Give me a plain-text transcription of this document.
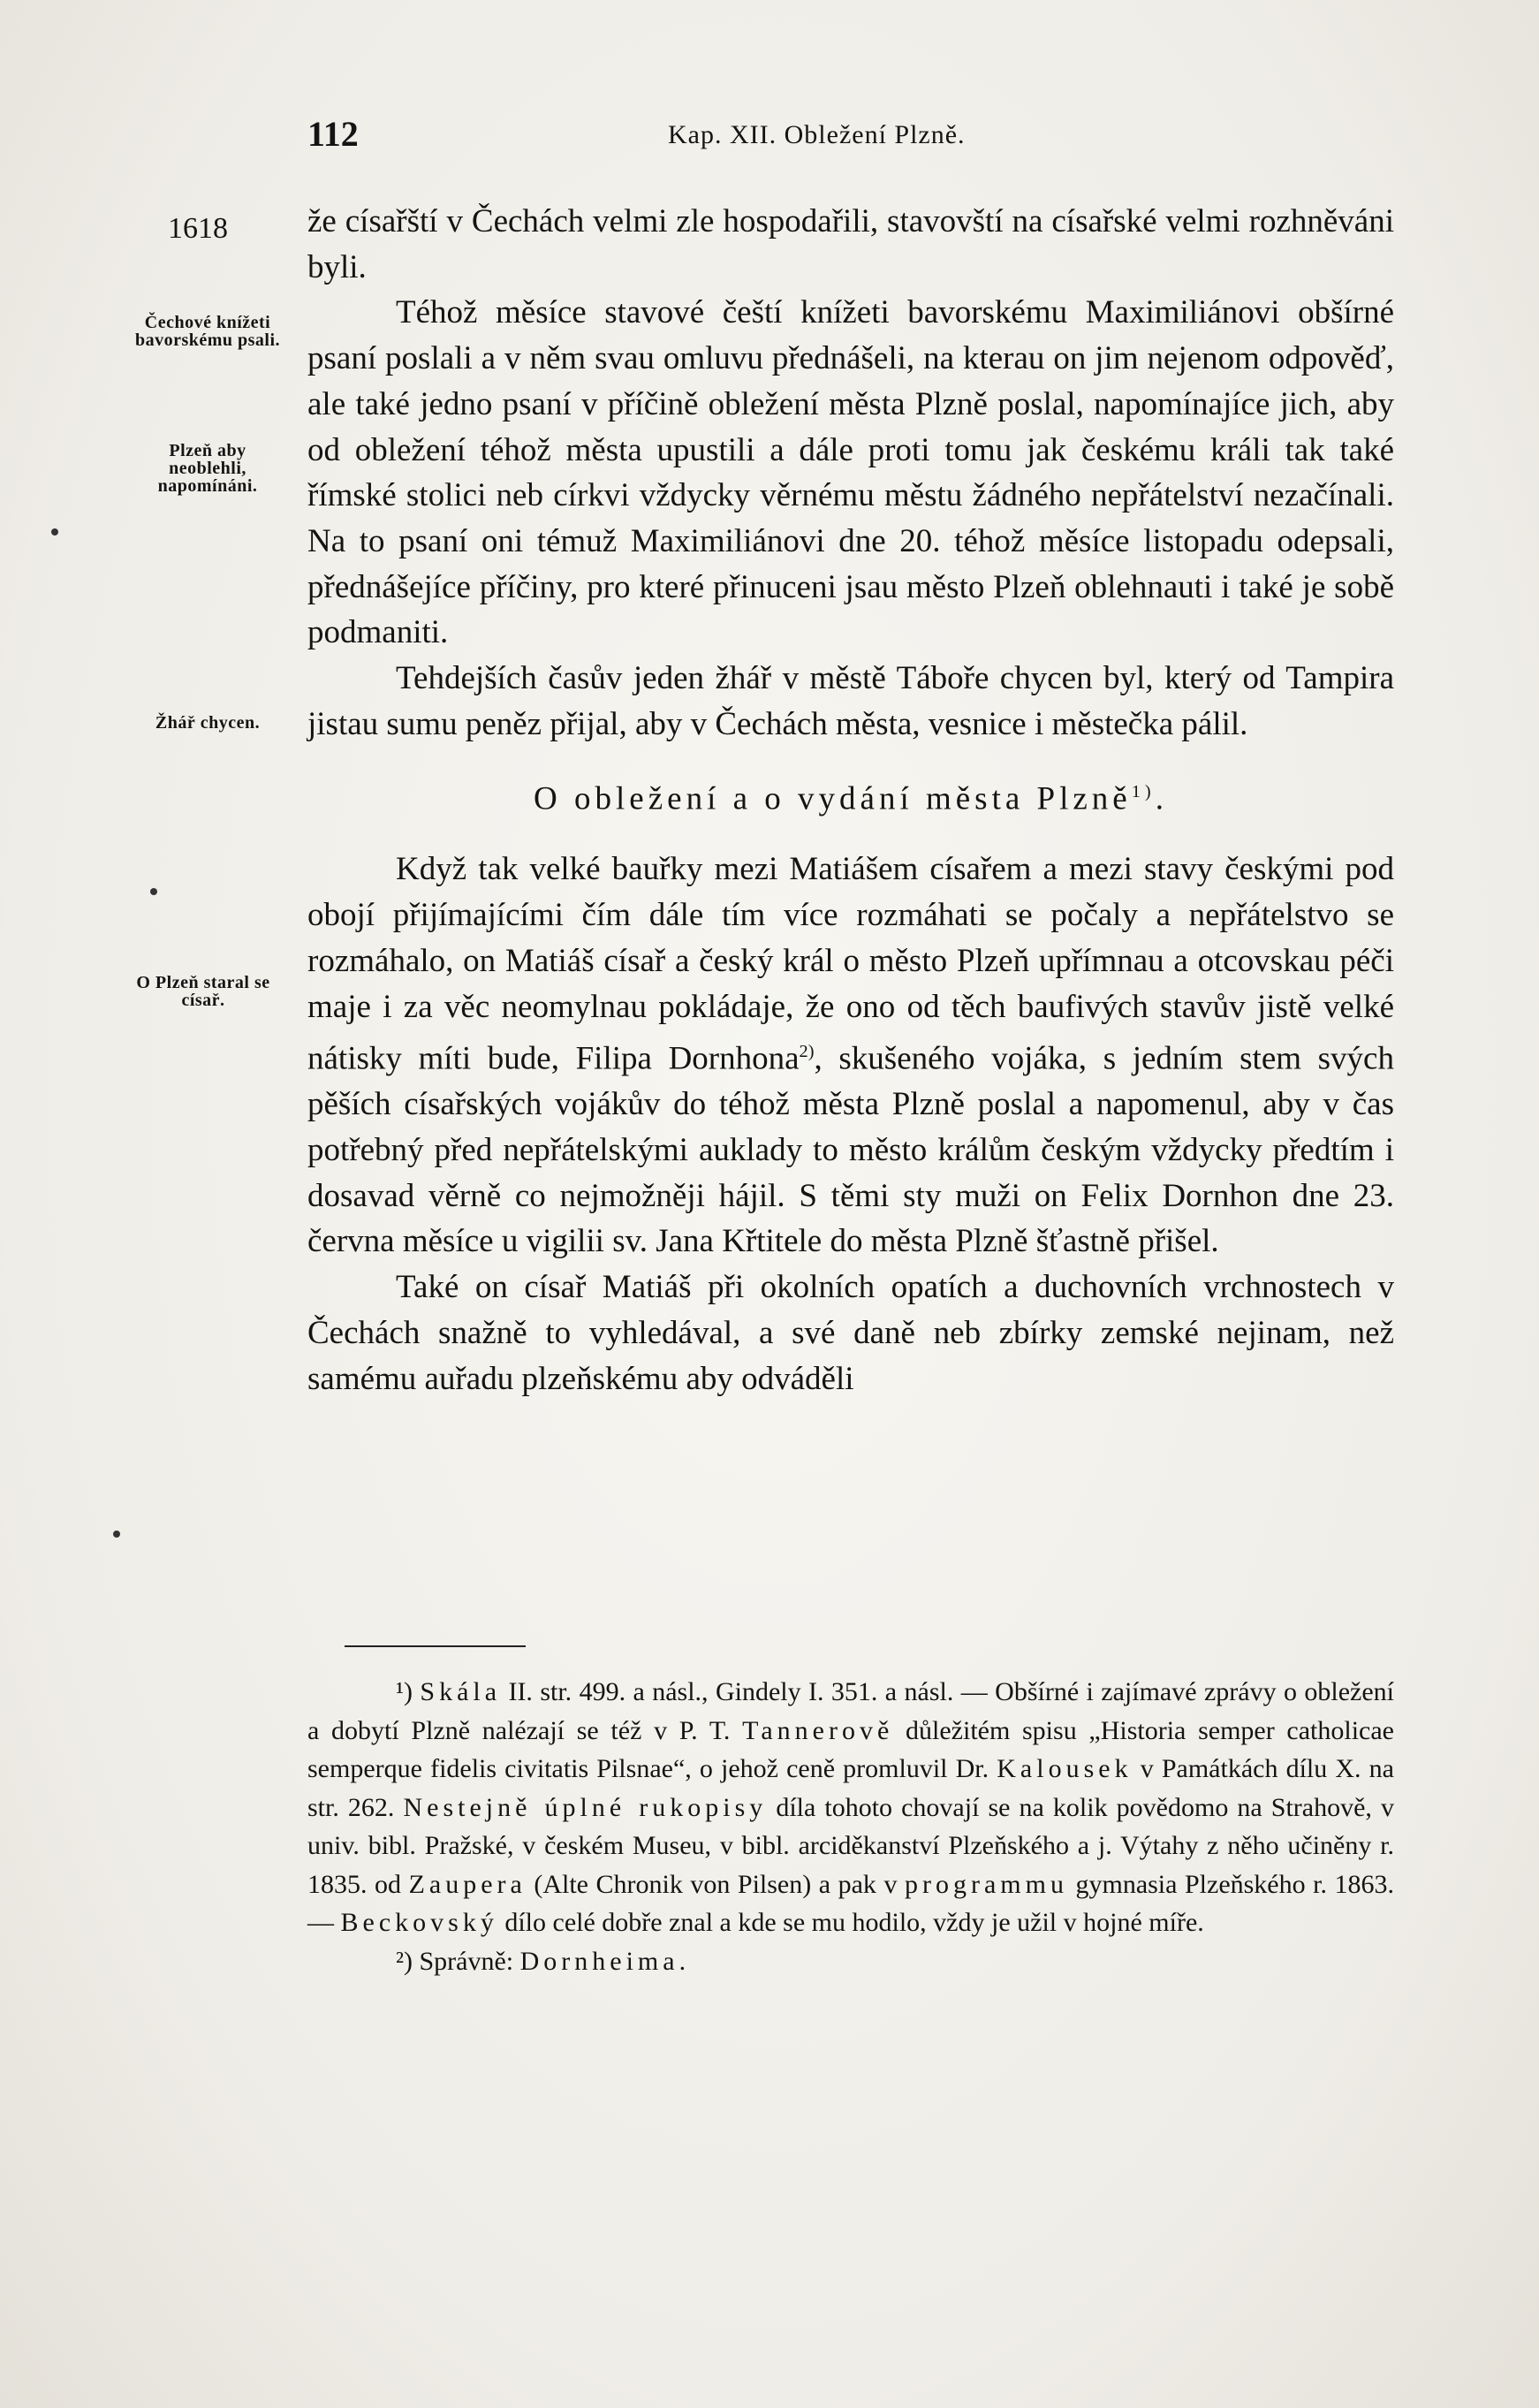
112	Kap. XII. Obležení Plzně.
1618
Čechové knížeti bavorskému psali.
Plzeň aby neoblehli, napomínáni.
Žhář chycen.
O Plzeň staral se císař.

že císařští v Čechách velmi zle hospodařili, stavovští na císařské velmi rozhněváni byli.

Téhož měsíce stavové čeští knížeti bavorskému Maximiliánovi obšírné psaní poslali a v něm svau omluvu přednášeli, na kterau on jim nejenom odpověď, ale také jedno psaní v příčině obležení města Plzně poslal, napomínajíce jich, aby od obležení téhož města upustili a dále proti tomu jak českému králi tak také římské stolici neb církvi vždycky věrnému městu žádného nepřátelství nezačínali. Na to psaní oni témuž Maximiliánovi dne 20. téhož měsíce listopadu odepsali, přednášejíce příčiny, pro které přinuceni jsau město Plzeň oblehnauti i také je sobě podmaniti.

Tehdejších časův jeden žhář v městě Táboře chycen byl, který od Tampira jistau sumu peněz přijal, aby v Čechách města, vesnice i městečka pálil.

O obležení a o vydání města Plzně$^{1)}$.

Když tak velké bauřky mezi Matiášem císařem a mezi stavy českými pod obojí přijímajícími čím dále tím více rozmáhati se počaly a nepřátelstvo se rozmáhalo, on Matiáš císař a český král o město Plzeň upřímnau a otcovskau péči maje i za věc neomylnau pokládaje, že ono od těch baufivých stavův jistě velké nátisky míti bude, Filipa Dornhona$^{2)}$, skušeného vojáka, s jedním stem svých pěších císařských vojákův do téhož města Plzně poslal a napomenul, aby v čas potřebný před nepřátelskými auklady to město králům českým vždycky předtím i dosavad věrně co nejmožněji hájil. S těmi sty muži on Felix Dornhon dne 23. června měsíce u vigilii sv. Jana Křtitele do města Plzně šťastně přišel.

Také on císař Matiáš při okolních opatích a duchovních vrchnostech v Čechách snažně to vyhledával, a své daně neb zbírky zemské nejinam, než samému auřadu plzeňskému aby odváděli

¹) Skála II. str. 499. a násl., Gindely I. 351. a násl. — Obšírné i zajímavé zprávy o obležení a dobytí Plzně nalézají se též v P. T. Tannerově důležitém spisu „Historia semper catholicae semperque fidelis civitatis Pilsnae“, o jehož ceně promluvil Dr. Kalousek v Památkách dílu X. na str. 262. Nestejně úplné rukopisy díla tohoto chovají se na kolik povědomo na Strahově, v univ. bibl. Pražské, v českém Museu, v bibl. arciděkanství Plzeňského a j. Výtahy z něho učiněny r. 1835. od Zaupera (Alte Chronik von Pilsen) a pak v programmu gymnasia Plzeňského r. 1863. — Beckovský dílo celé dobře znal a kde se mu hodilo, vždy je užil v hojné míře.

²) Správně: Dornheima.
